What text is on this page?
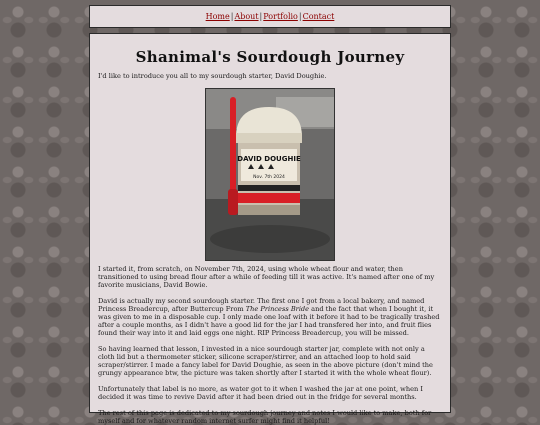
Home|About|Portfolio|Contact
Shanimal's Sourdough Journey

I'd like to introduce you all to my sourdough starter, David Doughie.

DAVID DOUGHIE
Nov. 7th 2024

I started it, from scratch, on November 7th, 2024, using whole wheat flour and water, then transitioned to using bread flour after a while of feeding till it was active. It's named after one of my favorite musicians, David Bowie.

David is actually my second sourdough starter. The first one I got from a local bakery, and named Princess Breadercup, after Buttercup From The Princess Bride and the fact that when I bought it, it was given to me in a disposable cup. I only made one loaf with it before it had to be tragically trashed after a couple months, as I didn't have a good lid for the jar I had transfered her into, and fruit flies found their way into it and laid eggs one night. RIP Princess Breadercup, you will be missed.

So having learned that lesson, I invested in a nice sourdough starter jar, complete with not only a cloth lid but a thermometer sticker, silicone scraper/stirrer, and an attached loop to hold said scraper/stirrer. I made a fancy label for David Doughie, as seen in the above picture (don't mind the grungy appearance btw, the picture was taken shortly after I started it with the whole wheat flour).

Unfortunately that label is no more, as water got to it when I washed the jar at one point, when I decided it was time to revive David after it had been dried out in the fridge for several months.

The rest of this page is dedicated to my sourdough journey and notes I would like to make, both for myself and for whatever random internet surfer might find it helpful!
